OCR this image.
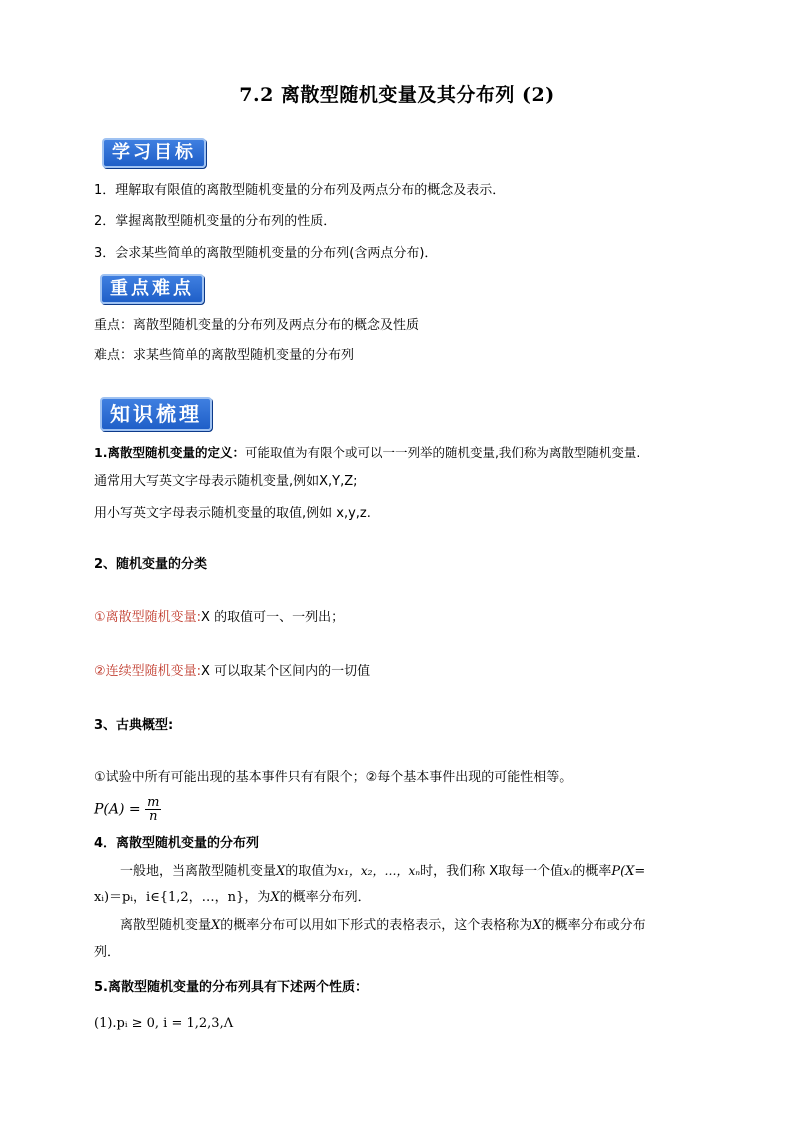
7.2 离散型随机变量及其分布列 (2)
学习目标
1．理解取有限值的离散型随机变量的分布列及两点分布的概念及表示．
2．掌握离散型随机变量的分布列的性质．
3．会求某些简单的离散型随机变量的分布列(含两点分布)．
重点难点
重点：离散型随机变量的分布列及两点分布的概念及性质
难点：求某些简单的离散型随机变量的分布列
知识梳理
1.离散型随机变量的定义：可能取值为有限个或可以一一列举的随机变量,我们称为离散型随机变量.
通常用大写英文字母表示随机变量,例如X,Y,Z;
用小写英文字母表示随机变量的取值,例如 x,y,z.
2、随机变量的分类
①离散型随机变量:X 的取值可一、一列出；
②连续型随机变量:X 可以取某个区间内的一切值
3、古典概型:
①试验中所有可能出现的基本事件只有有限个；②每个基本事件出现的可能性相等。
$P(A) = \frac{m}{n}$
4．离散型随机变量的分布列
一般地，当离散型随机变量X的取值为x₁，x₂，…，xₙ时，我们称 X取每一个值xᵢ的概率P(X=
xᵢ)＝pᵢ，i∈{1,2，…，n}，为X的概率分布列．
离散型随机变量X的概率分布可以用如下形式的表格表示，这个表格称为X的概率分布或分布
列．
5.离散型随机变量的分布列具有下述两个性质：
(1).pᵢ ≥ 0, i = 1,2,3,Λ
